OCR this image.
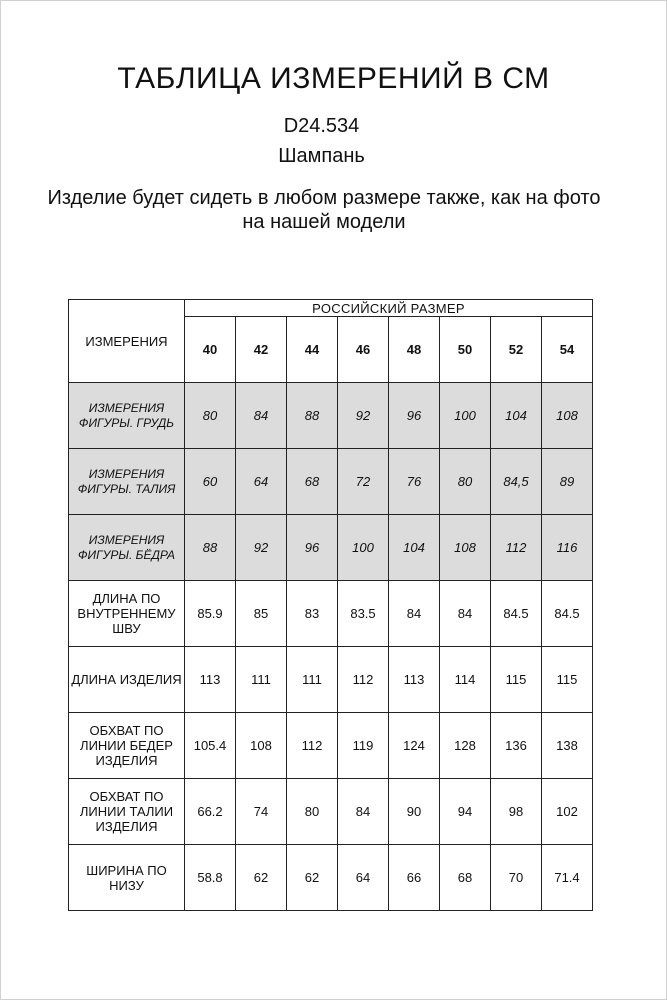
ТАБЛИЦА ИЗМЕРЕНИЙ В СМ
D24.534
Шампань
Изделие будет сидеть в любом размере также, как на фото на нашей модели
ИЗМЕРЕНИЯ	РОССИЙСКИЙ РАЗМЕР							
	40	42	44	46	48	50	52	54

ИЗМЕРЕНИЯ
ФИГУРЫ. ГРУДЬ	80	84	88	92	96	100	104	108

ИЗМЕРЕНИЯ
ФИГУРЫ. ТАЛИЯ	60	64	68	72	76	80	84,5	89

ИЗМЕРЕНИЯ
ФИГУРЫ. БЁДРА	88	92	96	100	104	108	112	116

ДЛИНА ПО
ВНУТРЕННЕМУ
ШВУ	85.9	85	83	83.5	84	84	84.5	84.5

ДЛИНА ИЗДЕЛИЯ	113	111	111	112	113	114	115	115

ОБХВАТ ПО
ЛИНИИ БЕДЕР
ИЗДЕЛИЯ	105.4	108	112	119	124	128	136	138

ОБХВАТ ПО
ЛИНИИ ТАЛИИ
ИЗДЕЛИЯ	66.2	74	80	84	90	94	98	102

ШИРИНА ПО
НИЗУ	58.8	62	62	64	66	68	70	71.4
